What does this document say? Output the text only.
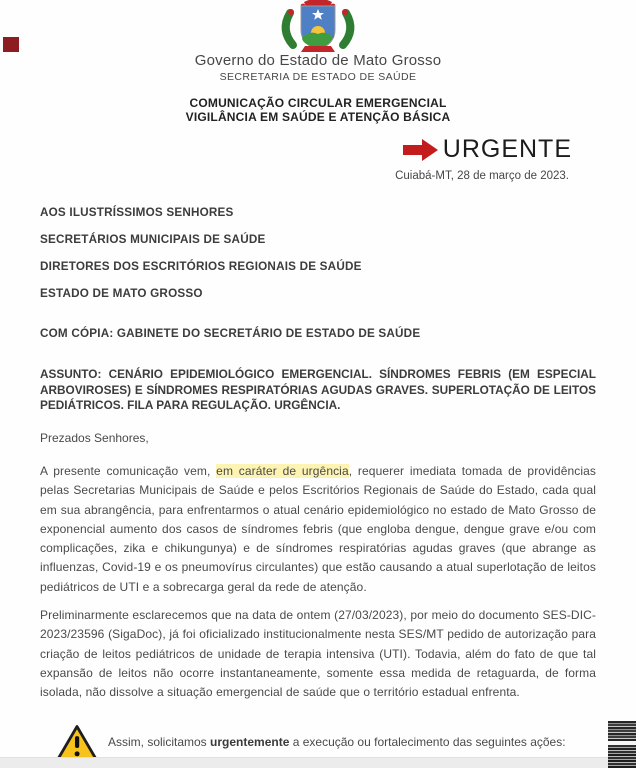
Governo do Estado de Mato Grosso
SECRETARIA DE ESTADO DE SAÚDE
COMUNICAÇÃO CIRCULAR EMERGENCIAL
VIGILÂNCIA EM SAÚDE E ATENÇÃO BÁSICA
URGENTE
Cuiabá-MT, 28 de março de 2023.
AOS ILUSTRÍSSIMOS SENHORES
SECRETÁRIOS MUNICIPAIS DE SAÚDE
DIRETORES DOS ESCRITÓRIOS REGIONAIS DE SAÚDE
ESTADO DE MATO GROSSO
COM CÓPIA: GABINETE DO SECRETÁRIO DE ESTADO DE SAÚDE
ASSUNTO: CENÁRIO EPIDEMIOLÓGICO EMERGENCIAL. SÍNDROMES FEBRIS (EM ESPECIAL ARBOVIROSES) E SÍNDROMES RESPIRATÓRIAS AGUDAS GRAVES. SUPERLOTAÇÃO DE LEITOS PEDIÁTRICOS. FILA PARA REGULAÇÃO. URGÊNCIA.
Prezados Senhores,

A presente comunicação vem, em caráter de urgência, requerer imediata tomada de providências pelas Secretarias Municipais de Saúde e pelos Escritórios Regionais de Saúde do Estado, cada qual em sua abrangência, para enfrentarmos o atual cenário epidemiológico no estado de Mato Grosso de exponencial aumento dos casos de síndromes febris (que engloba dengue, dengue grave e/ou com complicações, zika e chikungunya) e de síndromes respiratórias agudas graves (que abrange as influenzas, Covid-19 e os pneumovírus circulantes) que estão causando a atual superlotação de leitos pediátricos de UTI e a sobrecarga geral da rede de atenção.

Preliminarmente esclarecemos que na data de ontem (27/03/2023), por meio do documento SES-DIC-2023/23596 (SigaDoc), já foi oficializado institucionalmente nesta SES/MT pedido de autorização para criação de leitos pediátricos de unidade de terapia intensiva (UTI). Todavia, além do fato de que tal expansão de leitos não ocorre instantaneamente, somente essa medida de retaguarda, de forma isolada, não dissolve a situação emergencial de saúde que o território estadual enfrenta.

Assim, solicitamos urgentemente a execução ou fortalecimento das seguintes ações:
